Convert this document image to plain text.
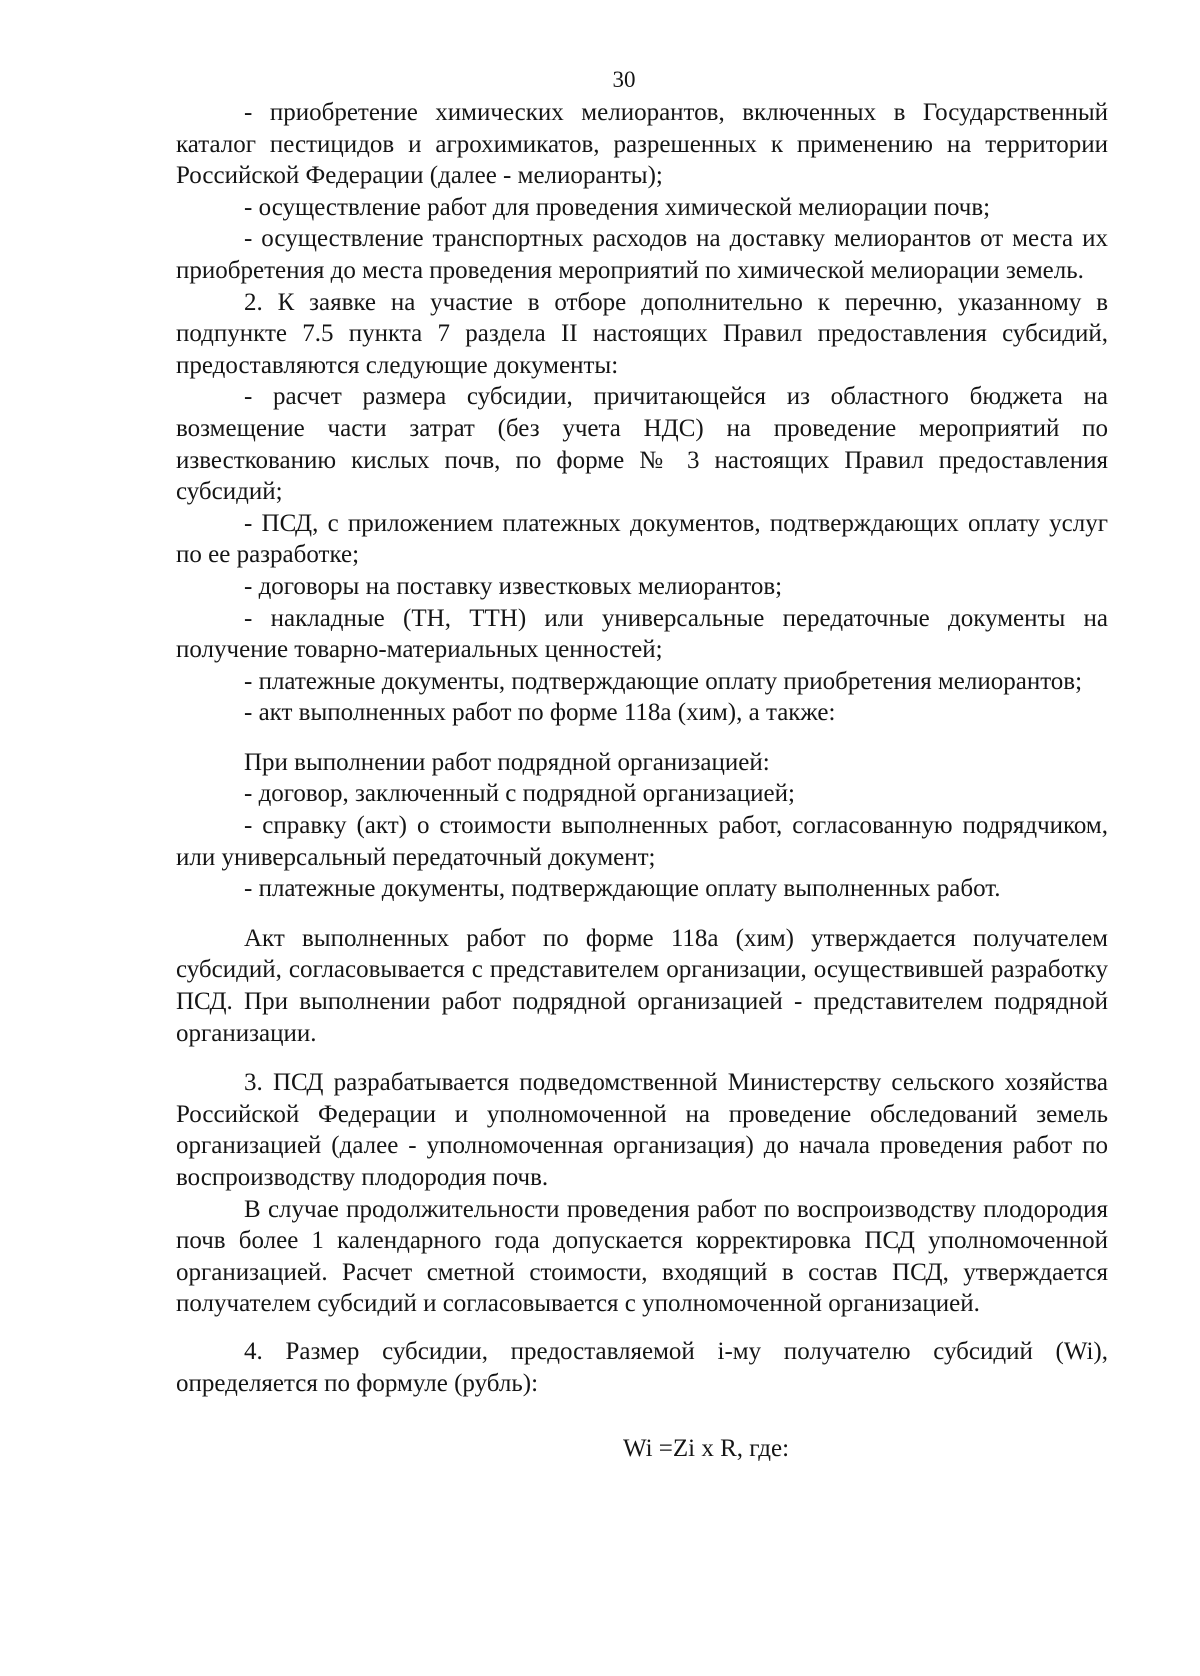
30

- приобретение химических мелиорантов, включенных в Государственный каталог пестицидов и агрохимикатов, разрешенных к применению на территории Российской Федерации (далее - мелиоранты);

- осуществление работ для проведения химической мелиорации почв;

- осуществление транспортных расходов на доставку мелиорантов от места их приобретения до места проведения мероприятий по химической мелиорации земель.

2. К заявке на участие в отборе дополнительно к перечню, указанному в подпункте 7.5 пункта 7 раздела II настоящих Правил предоставления субсидий, предоставляются следующие документы:

- расчет размера субсидии, причитающейся из областного бюджета на возмещение части затрат (без учета НДС) на проведение мероприятий по известкованию кислых почв, по форме № 3 настоящих Правил предоставления субсидий;

- ПСД, с приложением платежных документов, подтверждающих оплату услуг по ее разработке;

- договоры на поставку известковых мелиорантов;

- накладные (ТН, ТТН) или универсальные передаточные документы на получение товарно-материальных ценностей;

- платежные документы, подтверждающие оплату приобретения мелиорантов;

- акт выполненных работ по форме 118а (хим), а также:

При выполнении работ подрядной организацией:

- договор, заключенный с подрядной организацией;

- справку (акт) о стоимости выполненных работ, согласованную подрядчиком, или универсальный передаточный документ;

- платежные документы, подтверждающие оплату выполненных работ.

Акт выполненных работ по форме 118а (хим) утверждается получателем субсидий, согласовывается с представителем организации, осуществившей разработку ПСД. При выполнении работ подрядной организацией - представителем подрядной организации.

3. ПСД разрабатывается подведомственной Министерству сельского хозяйства Российской Федерации и уполномоченной на проведение обследований земель организацией (далее - уполномоченная организация) до начала проведения работ по воспроизводству плодородия почв.

В случае продолжительности проведения работ по воспроизводству плодородия почв более 1 календарного года допускается корректировка ПСД уполномоченной организацией. Расчет сметной стоимости, входящий в состав ПСД, утверждается получателем субсидий и согласовывается с уполномоченной организацией.

4. Размер субсидии, предоставляемой i-му получателю субсидий (Wi), определяется по формуле (рубль):

Wi =Zi x R, где:
